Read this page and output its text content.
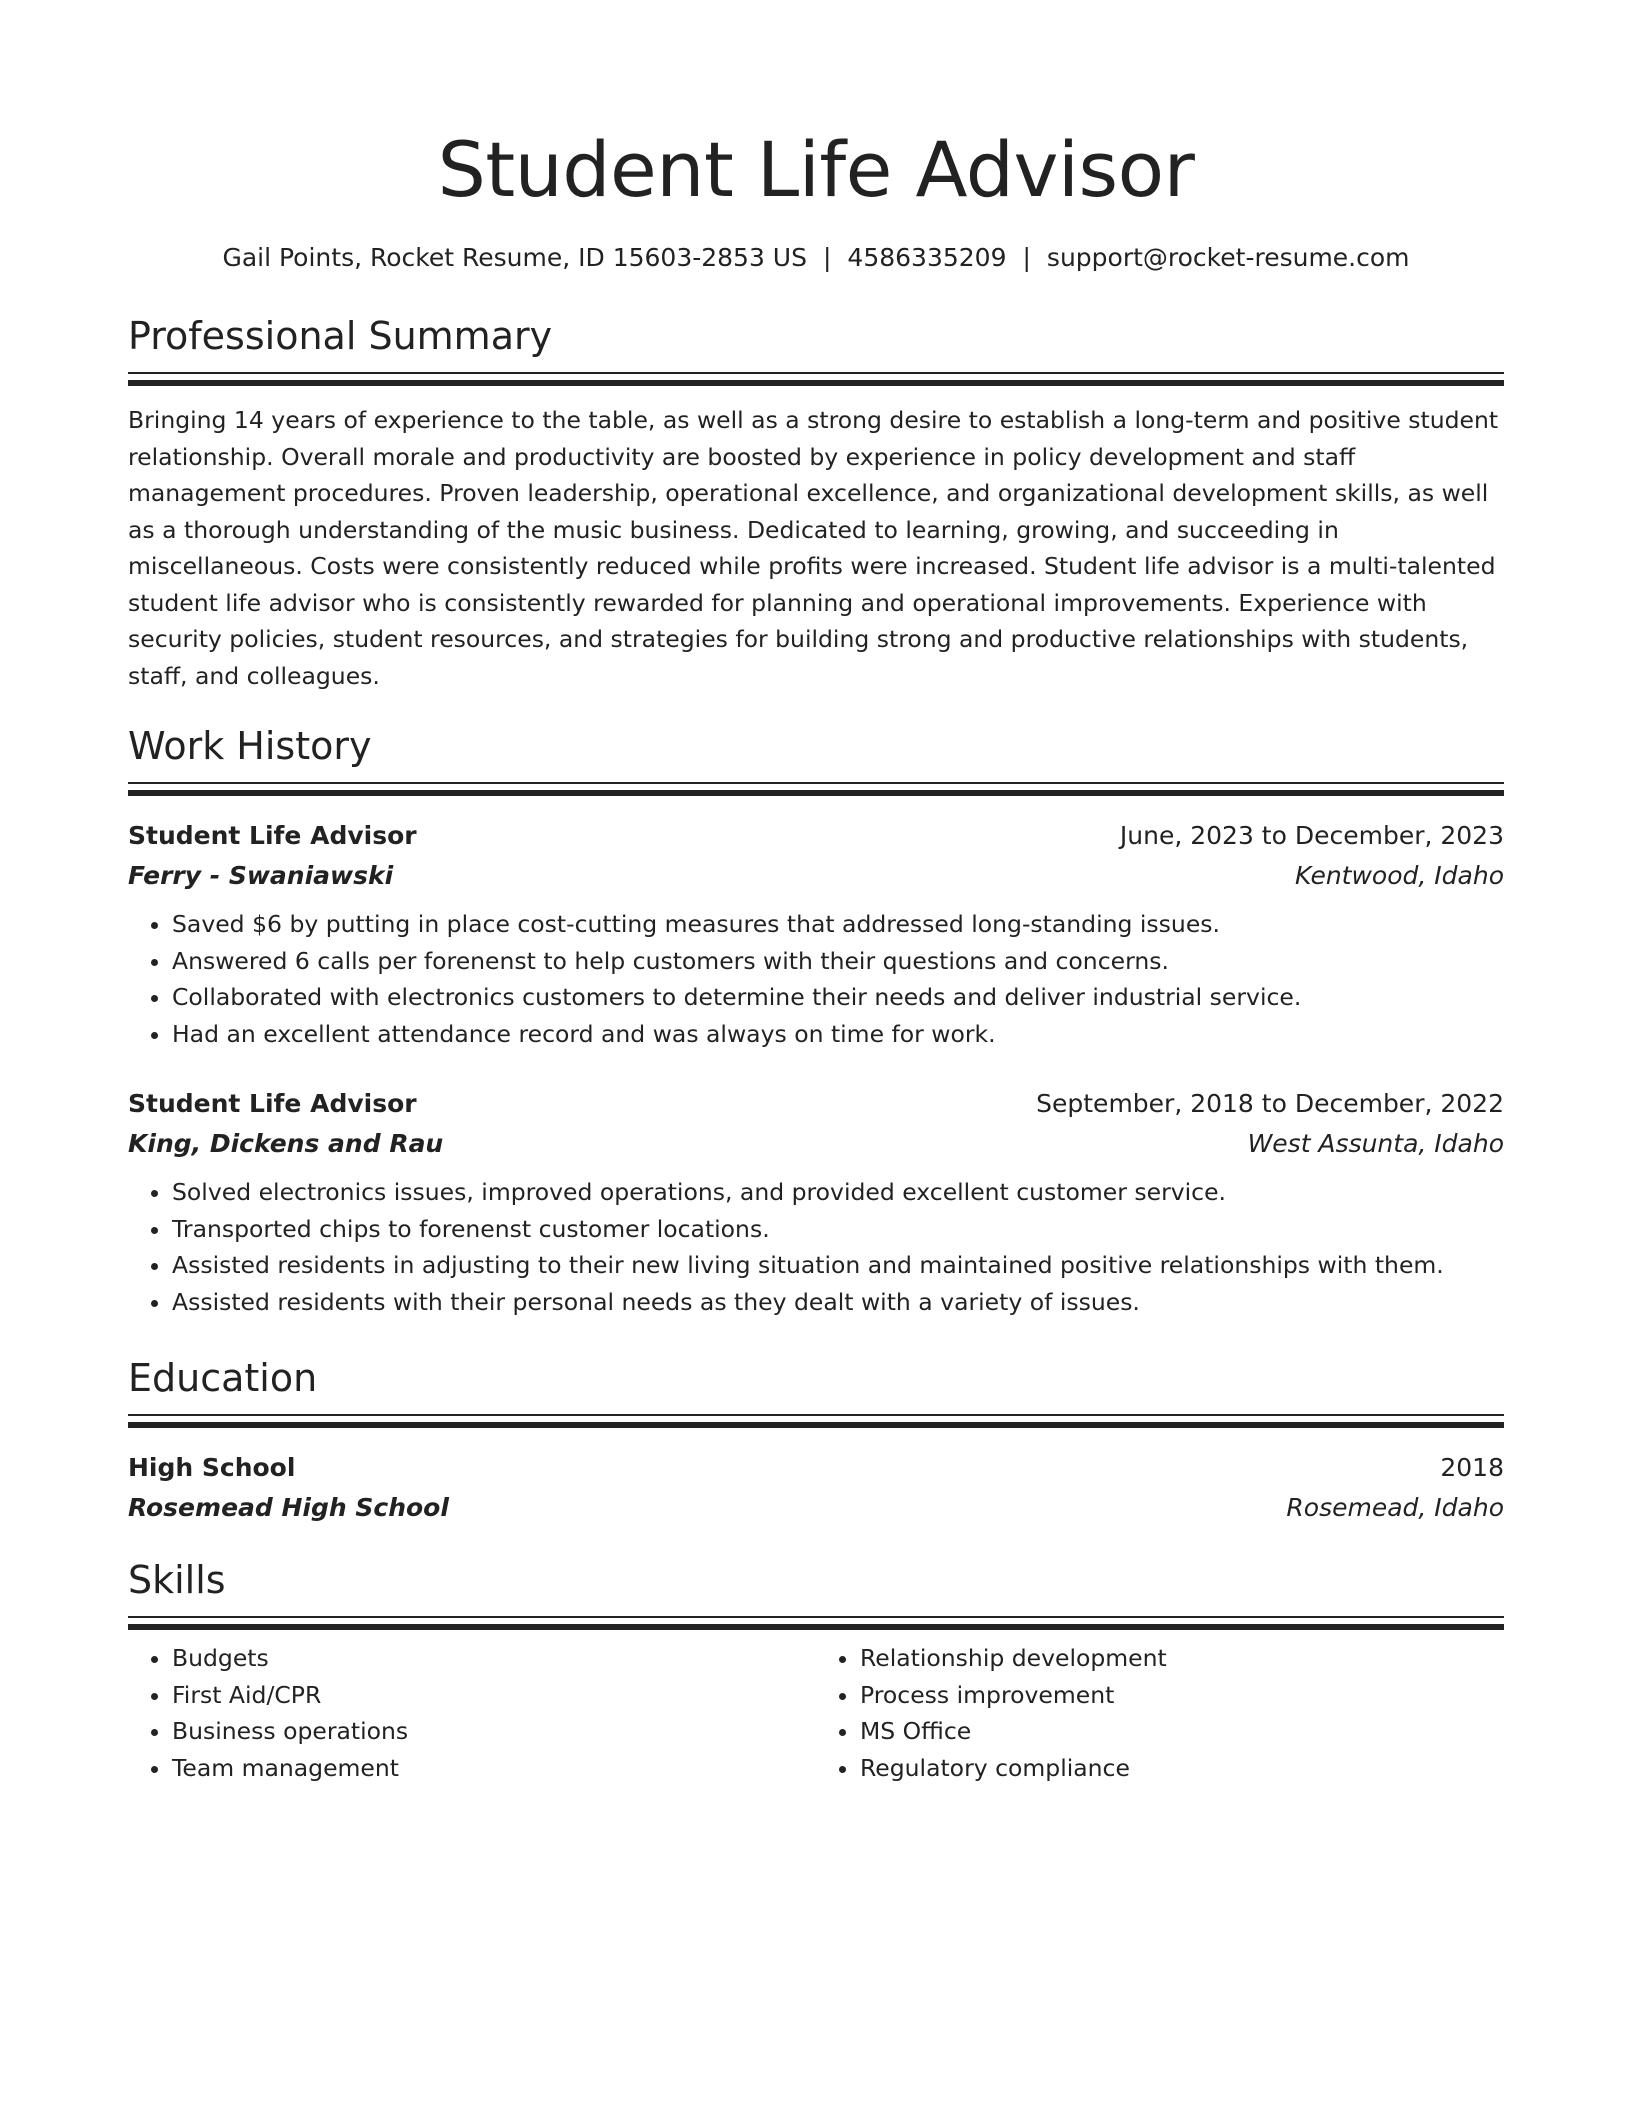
Student Life Advisor
Gail Points, Rocket Resume, ID 15603-2853 US | 4586335209 | support@rocket-resume.com
Professional Summary
Bringing 14 years of experience to the table, as well as a strong desire to establish a long-term and positive student relationship. Overall morale and productivity are boosted by experience in policy development and staff management procedures. Proven leadership, operational excellence, and organizational development skills, as well as a thorough understanding of the music business. Dedicated to learning, growing, and succeeding in miscellaneous. Costs were consistently reduced while profits were increased. Student life advisor is a multi-talented student life advisor who is consistently rewarded for planning and operational improvements. Experience with security policies, student resources, and strategies for building strong and productive relationships with students, staff, and colleagues.
Work History
Student Life Advisor	June, 2023 to December, 2023
Ferry - Swaniawski	Kentwood, Idaho
• Saved $6 by putting in place cost-cutting measures that addressed long-standing issues.
• Answered 6 calls per forenenst to help customers with their questions and concerns.
• Collaborated with electronics customers to determine their needs and deliver industrial service.
• Had an excellent attendance record and was always on time for work.
Student Life Advisor	September, 2018 to December, 2022
King, Dickens and Rau	West Assunta, Idaho
• Solved electronics issues, improved operations, and provided excellent customer service.
• Transported chips to forenenst customer locations.
• Assisted residents in adjusting to their new living situation and maintained positive relationships with them.
• Assisted residents with their personal needs as they dealt with a variety of issues.
Education
High School	2018
Rosemead High School	Rosemead, Idaho
Skills
• Budgets
• First Aid/CPR
• Business operations
• Team management
• Relationship development
• Process improvement
• MS Office
• Regulatory compliance
